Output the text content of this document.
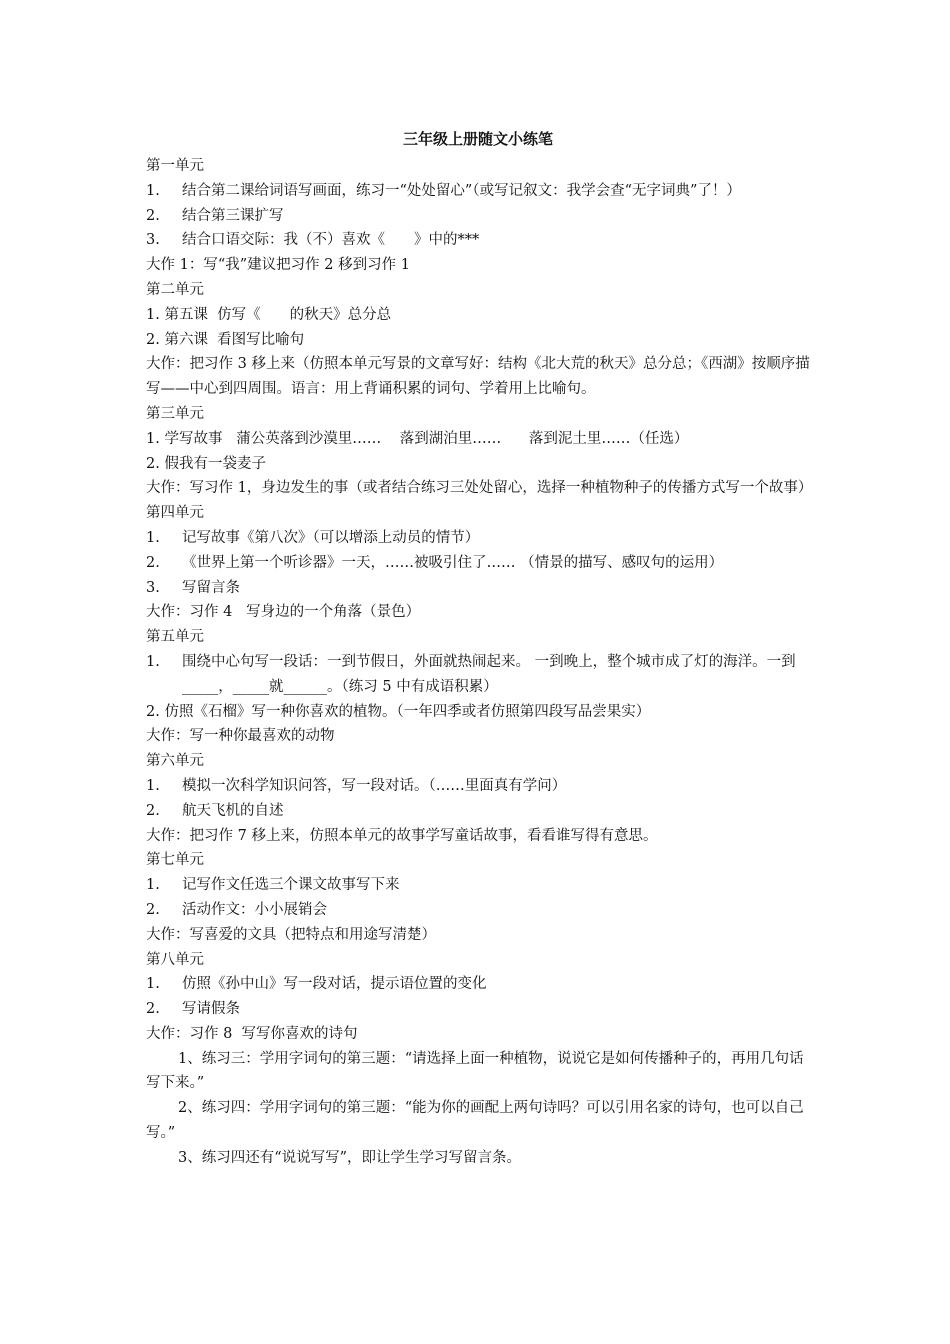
三年级上册随文小练笔
第一单元
1. 结合第二课给词语写画面，练习一“处处留心”（或写记叙文：我学会查“无字词典”了！）
2. 结合第三课扩写
3. 结合口语交际：我（不）喜欢《　　》中的***
大作 1：写“我”建议把习作 2 移到习作 1
第二单元
1. 第五课  仿写《　　的秋天》总分总
2. 第六课  看图写比喻句
大作：把习作 3 移上来（仿照本单元写景的文章写好：结构《北大荒的秋天》总分总；《西湖》按顺序描写——中心到四周围。语言：用上背诵积累的词句、学着用上比喻句。
第三单元
1. 学写故事   蒲公英落到沙漠里……    落到湖泊里……      落到泥土里……（任选）
2. 假我有一袋麦子
大作：写习作 1，身边发生的事（或者结合练习三处处留心，选择一种植物种子的传播方式写一个故事）
第四单元
1. 记写故事《第八次》（可以增添上动员的情节）
2. 《世界上第一个听诊器》一天，……被吸引住了…… （情景的描写、感叹句的运用）
3. 写留言条
大作：习作 4   写身边的一个角落（景色）
第五单元
1. 围绕中心句写一段话：一到节假日，外面就热闹起来。 一到晚上，整个城市成了灯的海洋。一到_____，_____就______。（练习 5 中有成语积累）
2. 仿照《石榴》写一种你喜欢的植物。（一年四季或者仿照第四段写品尝果实）
大作：写一种你最喜欢的动物
第六单元
1. 模拟一次科学知识问答，写一段对话。（……里面真有学问）
2. 航天飞机的自述
大作：把习作 7 移上来，仿照本单元的故事学写童话故事，看看谁写得有意思。
第七单元
1. 记写作文任选三个课文故事写下来
2. 活动作文：小小展销会
大作：写喜爱的文具（把特点和用途写清楚）
第八单元
1. 仿照《孙中山》写一段对话，提示语位置的变化
2. 写请假条
大作：习作 8  写写你喜欢的诗句
1、练习三：学用字词句的第三题：“请选择上面一种植物，说说它是如何传播种子的，再用几句话写下来。”
2、练习四：学用字词句的第三题：“能为你的画配上两句诗吗？可以引用名家的诗句，也可以自己写。”
3、练习四还有“说说写写”，即让学生学习写留言条。
